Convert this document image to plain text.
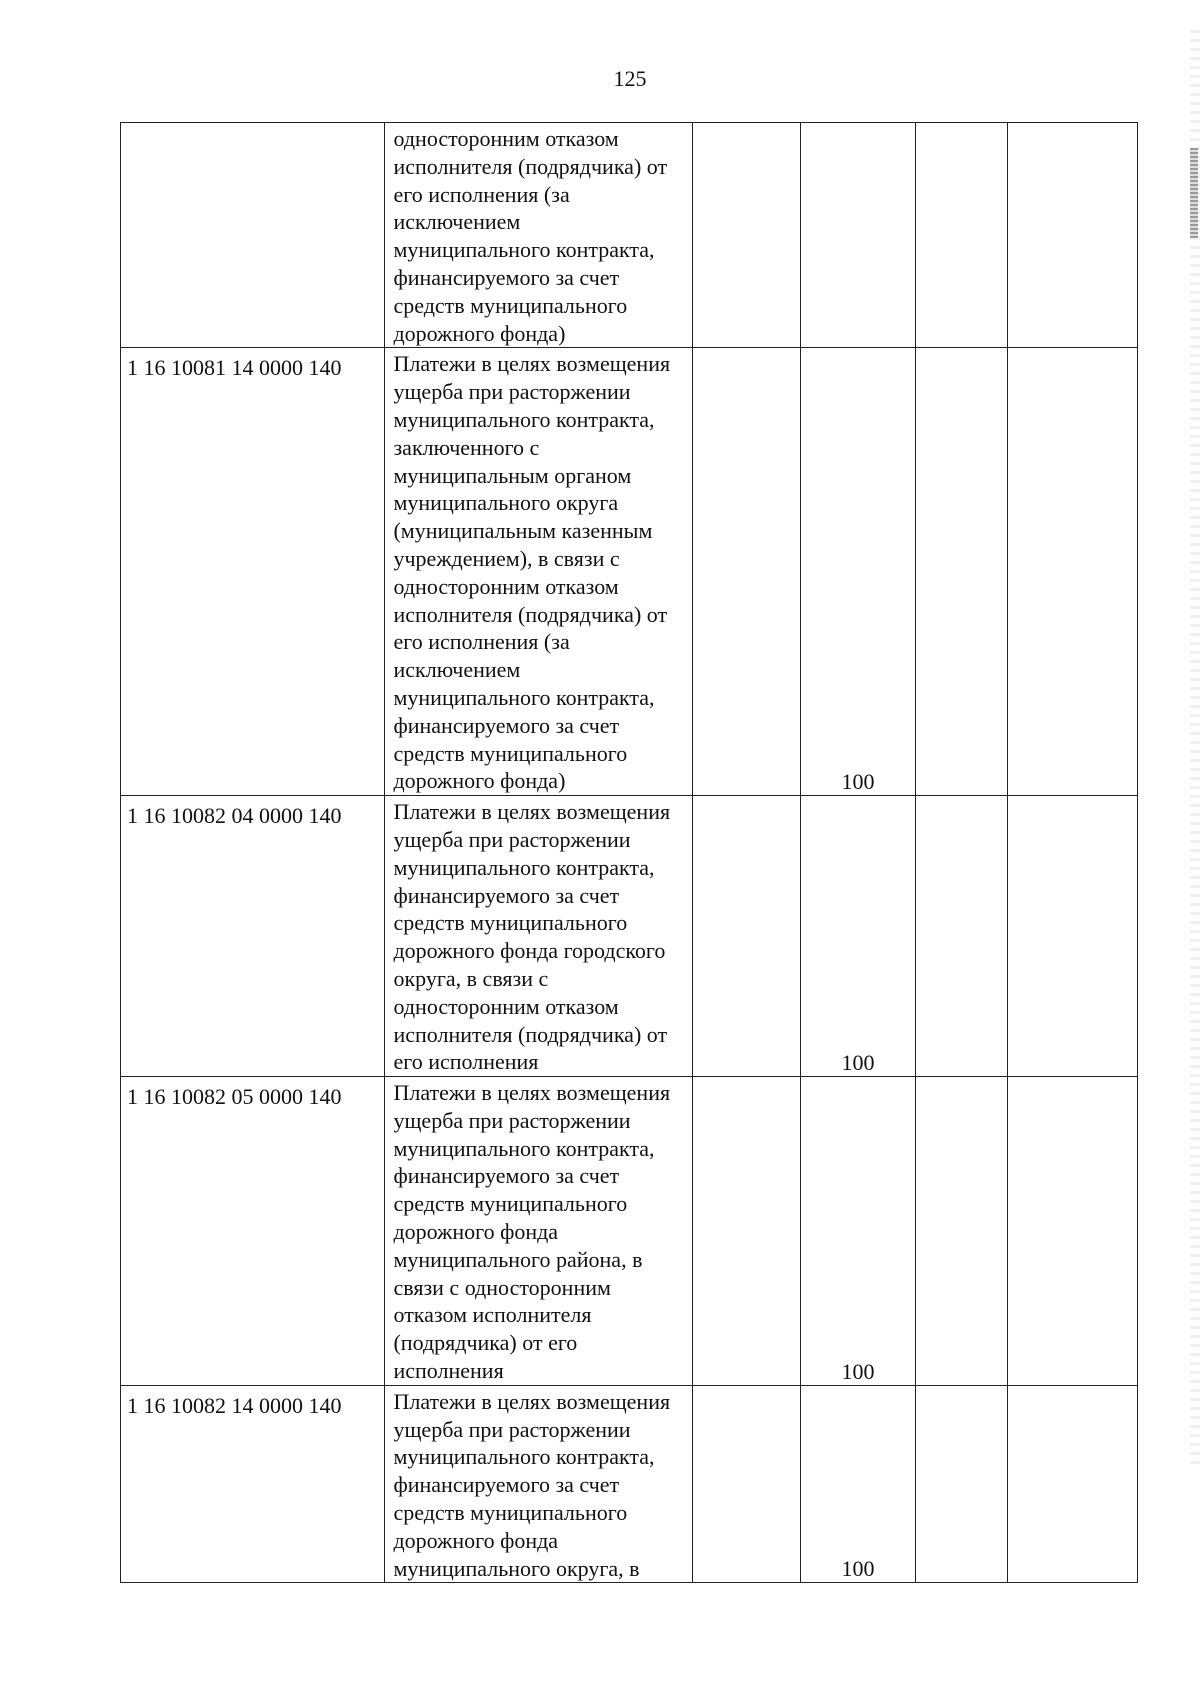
125
односторонним отказом
исполнителя (подрядчика) от
его исполнения (за
исключением
муниципального контракта,
финансируемого за счет
средств муниципального
дорожного фонда)
1 16 10081 14 0000 140	Платежи в целях возмещения
ущерба при расторжении
муниципального контракта,
заключенного с
муниципальным органом
муниципального округа
(муниципальным казенным
учреждением), в связи с
односторонним отказом
исполнителя (подрядчика) от
его исполнения (за
исключением
муниципального контракта,
финансируемого за счет
средств муниципального
дорожного фонда)	100
1 16 10082 04 0000 140	Платежи в целях возмещения
ущерба при расторжении
муниципального контракта,
финансируемого за счет
средств муниципального
дорожного фонда городского
округа, в связи с
односторонним отказом
исполнителя (подрядчика) от
его исполнения	100
1 16 10082 05 0000 140	Платежи в целях возмещения
ущерба при расторжении
муниципального контракта,
финансируемого за счет
средств муниципального
дорожного фонда
муниципального района, в
связи с односторонним
отказом исполнителя
(подрядчика) от его
исполнения	100
1 16 10082 14 0000 140	Платежи в целях возмещения
ущерба при расторжении
муниципального контракта,
финансируемого за счет
средств муниципального
дорожного фонда
муниципального округа, в	100
